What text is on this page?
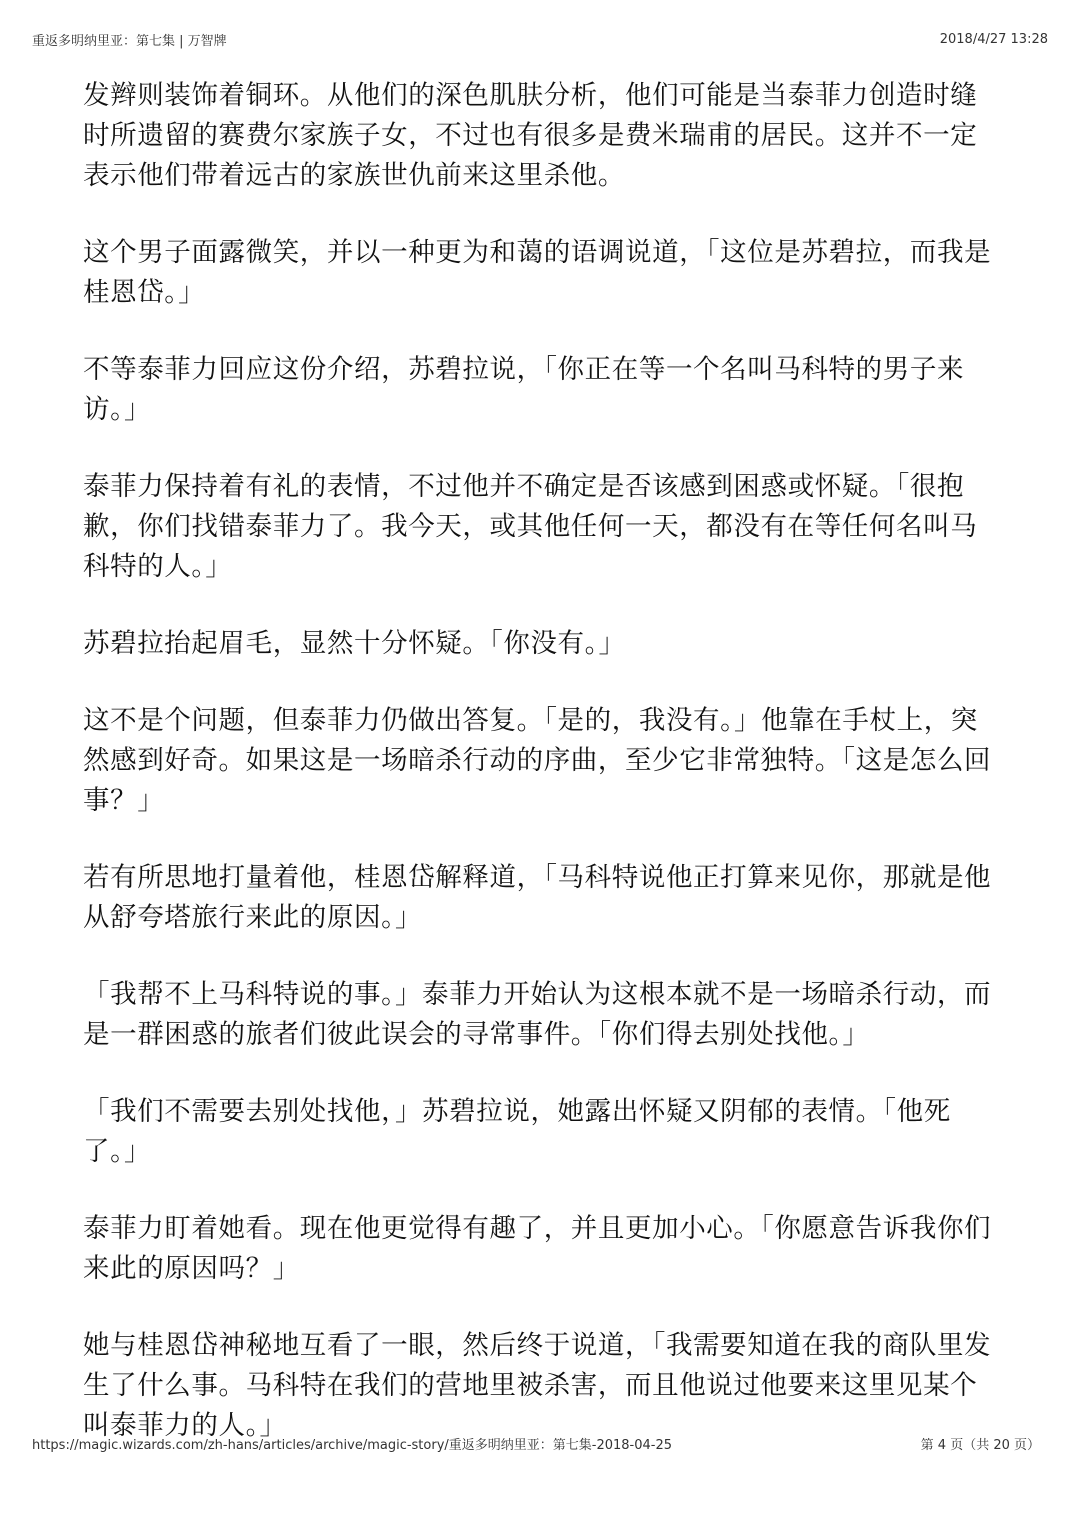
重返多明纳里亚：第七集 | 万智牌	2018/4/27 13:28

发辫则装饰着铜环。从他们的深色肌肤分析，他们可能是当泰菲力创造时缝时所遗留的赛费尔家族子女，不过也有很多是费米瑞甫的居民。这并不一定表示他们带着远古的家族世仇前来这里杀他。

这个男子面露微笑，并以一种更为和蔼的语调说道，「这位是苏碧拉，而我是桂恩岱。」

不等泰菲力回应这份介绍，苏碧拉说，「你正在等一个名叫马科特的男子来访。」

泰菲力保持着有礼的表情，不过他并不确定是否该感到困惑或怀疑。「很抱歉，你们找错泰菲力了。我今天，或其他任何一天，都没有在等任何名叫马科特的人。」

苏碧拉抬起眉毛，显然十分怀疑。「你没有。」

这不是个问题，但泰菲力仍做出答复。「是的，我没有。」他靠在手杖上，突然感到好奇。如果这是一场暗杀行动的序曲，至少它非常独特。「这是怎么回事？」

若有所思地打量着他，桂恩岱解释道，「马科特说他正打算来见你，那就是他从舒夸塔旅行来此的原因。」

「我帮不上马科特说的事。」泰菲力开始认为这根本就不是一场暗杀行动，而是一群困惑的旅者们彼此误会的寻常事件。「你们得去别处找他。」

「我们不需要去别处找他，」苏碧拉说，她露出怀疑又阴郁的表情。「他死了。」

泰菲力盯着她看。现在他更觉得有趣了，并且更加小心。「你愿意告诉我你们来此的原因吗？」

她与桂恩岱神秘地互看了一眼，然后终于说道，「我需要知道在我的商队里发生了什么事。马科特在我们的营地里被杀害，而且他说过他要来这里见某个叫泰菲力的人。」

https://magic.wizards.com/zh-hans/articles/archive/magic-story/重返多明纳里亚：第七集-2018-04-25	第 4 页（共 20 页）
